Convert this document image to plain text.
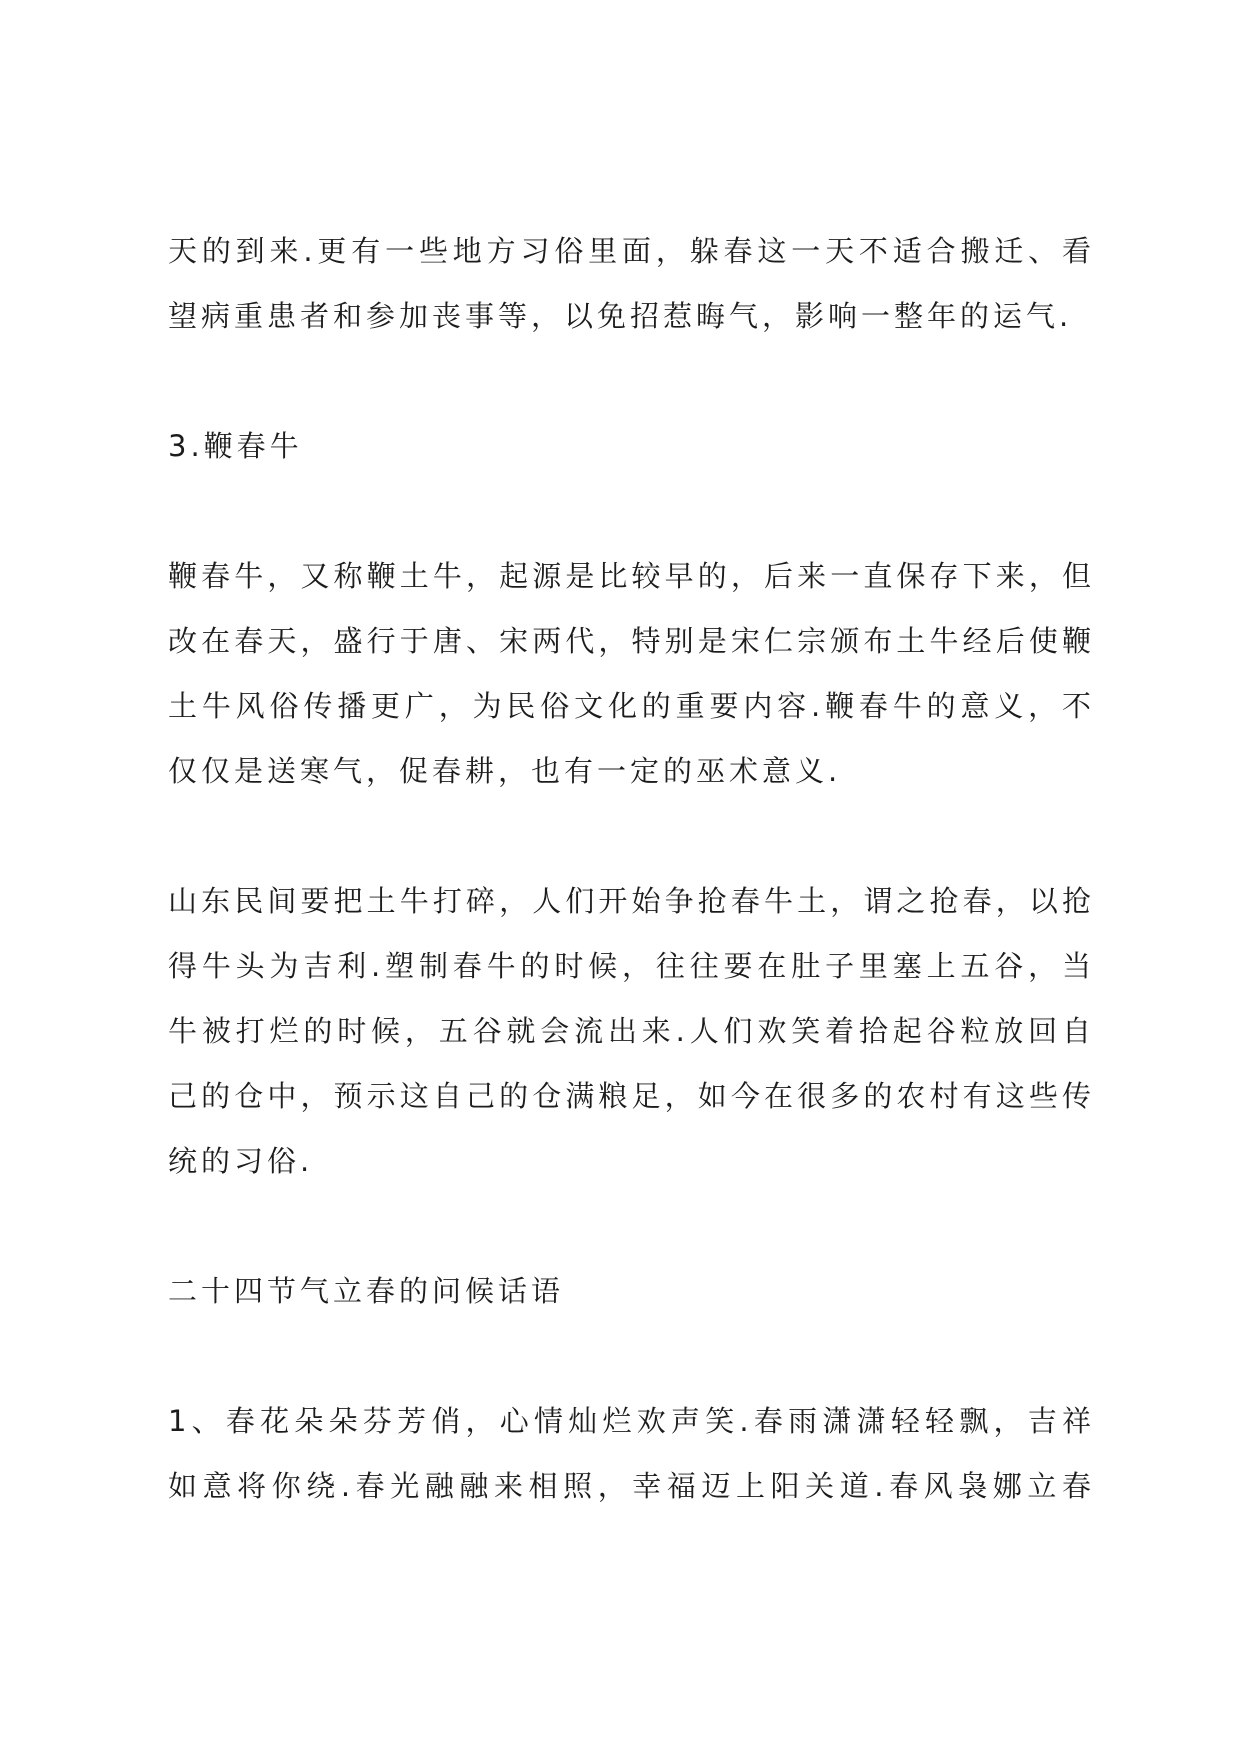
天的到来.更有一些地方习俗里面，躲春这一天不适合搬迁、看
望病重患者和参加丧事等，以免招惹晦气，影响一整年的运气.
3.鞭春牛
鞭春牛，又称鞭土牛，起源是比较早的，后来一直保存下来，但
改在春天，盛行于唐、宋两代，特别是宋仁宗颁布土牛经后使鞭
土牛风俗传播更广，为民俗文化的重要内容.鞭春牛的意义，不
仅仅是送寒气，促春耕，也有一定的巫术意义.
山东民间要把土牛打碎，人们开始争抢春牛土，谓之抢春，以抢
得牛头为吉利.塑制春牛的时候，往往要在肚子里塞上五谷，当
牛被打烂的时候，五谷就会流出来.人们欢笑着拾起谷粒放回自
己的仓中，预示这自己的仓满粮足，如今在很多的农村有这些传
统的习俗.
二十四节气立春的问候话语
1、春花朵朵芬芳俏，心情灿烂欢声笑.春雨潇潇轻轻飘，吉祥
如意将你绕.春光融融来相照，幸福迈上阳关道.春风袅娜立春
